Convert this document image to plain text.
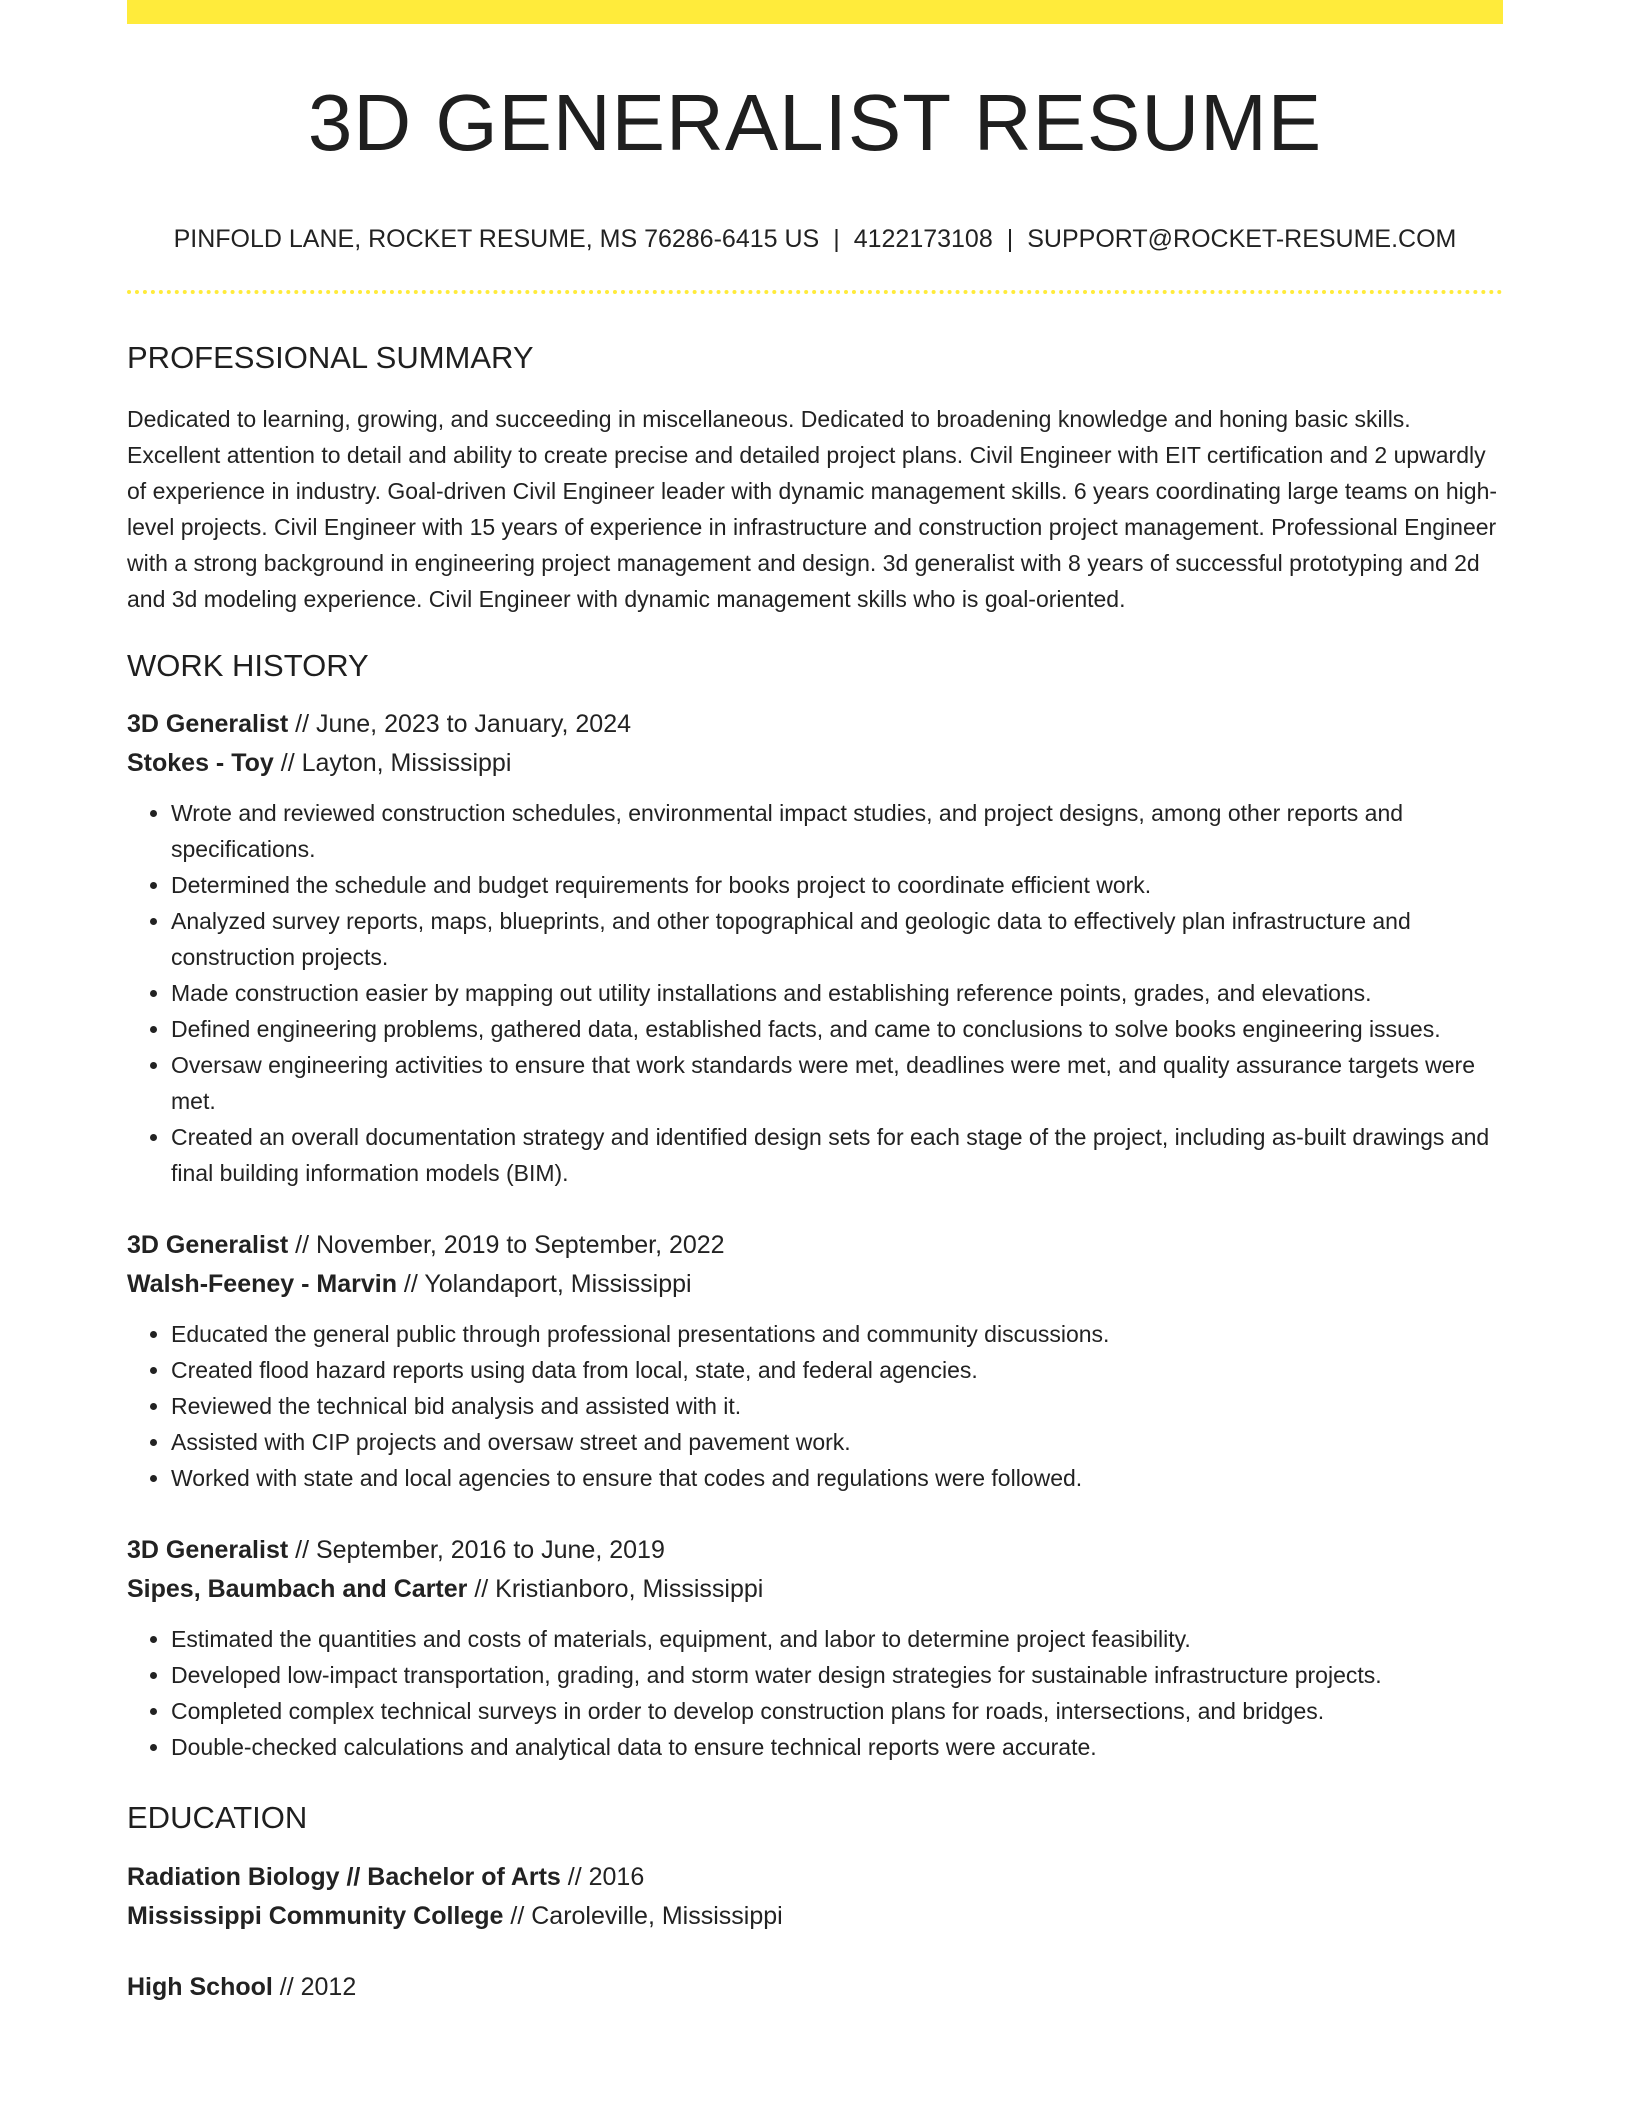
3D GENERALIST RESUME
PINFOLD LANE, ROCKET RESUME, MS 76286-6415 US | 4122173108 | SUPPORT@ROCKET-RESUME.COM
PROFESSIONAL SUMMARY

Dedicated to learning, growing, and succeeding in miscellaneous. Dedicated to broadening knowledge and honing basic skills. Excellent attention to detail and ability to create precise and detailed project plans. Civil Engineer with EIT certification and 2 upwardly of experience in industry. Goal-driven Civil Engineer leader with dynamic management skills. 6 years coordinating large teams on high-level projects. Civil Engineer with 15 years of experience in infrastructure and construction project management. Professional Engineer with a strong background in engineering project management and design. 3d generalist with 8 years of successful prototyping and 2d and 3d modeling experience. Civil Engineer with dynamic management skills who is goal-oriented.

WORK HISTORY
3D Generalist // June, 2023 to January, 2024
Stokes - Toy // Layton, Mississippi
• Wrote and reviewed construction schedules, environmental impact studies, and project designs, among other reports and specifications.
• Determined the schedule and budget requirements for books project to coordinate efficient work.
• Analyzed survey reports, maps, blueprints, and other topographical and geologic data to effectively plan infrastructure and construction projects.
• Made construction easier by mapping out utility installations and establishing reference points, grades, and elevations.
• Defined engineering problems, gathered data, established facts, and came to conclusions to solve books engineering issues.
• Oversaw engineering activities to ensure that work standards were met, deadlines were met, and quality assurance targets were met.
• Created an overall documentation strategy and identified design sets for each stage of the project, including as-built drawings and final building information models (BIM).
3D Generalist // November, 2019 to September, 2022
Walsh-Feeney - Marvin // Yolandaport, Mississippi
• Educated the general public through professional presentations and community discussions.
• Created flood hazard reports using data from local, state, and federal agencies.
• Reviewed the technical bid analysis and assisted with it.
• Assisted with CIP projects and oversaw street and pavement work.
• Worked with state and local agencies to ensure that codes and regulations were followed.
3D Generalist // September, 2016 to June, 2019
Sipes, Baumbach and Carter // Kristianboro, Mississippi
• Estimated the quantities and costs of materials, equipment, and labor to determine project feasibility.
• Developed low-impact transportation, grading, and storm water design strategies for sustainable infrastructure projects.
• Completed complex technical surveys in order to develop construction plans for roads, intersections, and bridges.
• Double-checked calculations and analytical data to ensure technical reports were accurate.
EDUCATION
Radiation Biology // Bachelor of Arts // 2016
Mississippi Community College // Caroleville, Mississippi
High School // 2012
